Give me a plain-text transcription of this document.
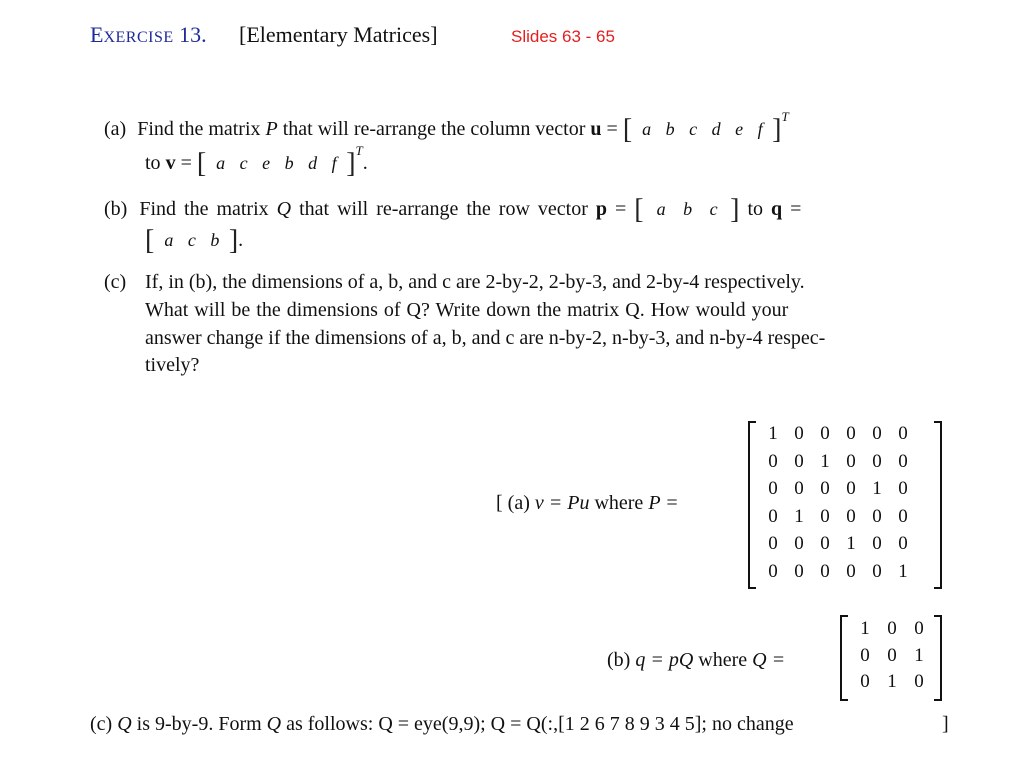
EXERCISE 13. [Elementary Matrices]	Slides 63 - 65
(a) Find the matrix P that will re-arrange the column vector u = [ a b c d e f ]$^T$
to v = [ a c e b d f ]$^T$.
(b) Find the matrix Q that will re-arrange the row vector p = [ a b c ] to q =
[ a c b ].
(c) If, in (b), the dimensions of a, b, and c are 2-by-2, 2-by-3, and 2-by-4 respectively.
What will be the dimensions of Q? Write down the matrix Q. How would your
answer change if the dimensions of a, b, and c are n-by-2, n-by-3, and n-by-4 respec-
tively?
[ (a) v = Pu where P =
1 0 0 0 0 0
0 0 1 0 0 0
0 0 0 0 1 0
0 1 0 0 0 0
0 0 0 1 0 0
0 0 0 0 0 1
(b) q = pQ where Q =
1 0 0
0 0 1
0 1 0
(c) Q is 9-by-9. Form Q as follows: Q = eye(9,9); Q = Q(:,[1 2 6 7 8 9 3 4 5]; no change	]
